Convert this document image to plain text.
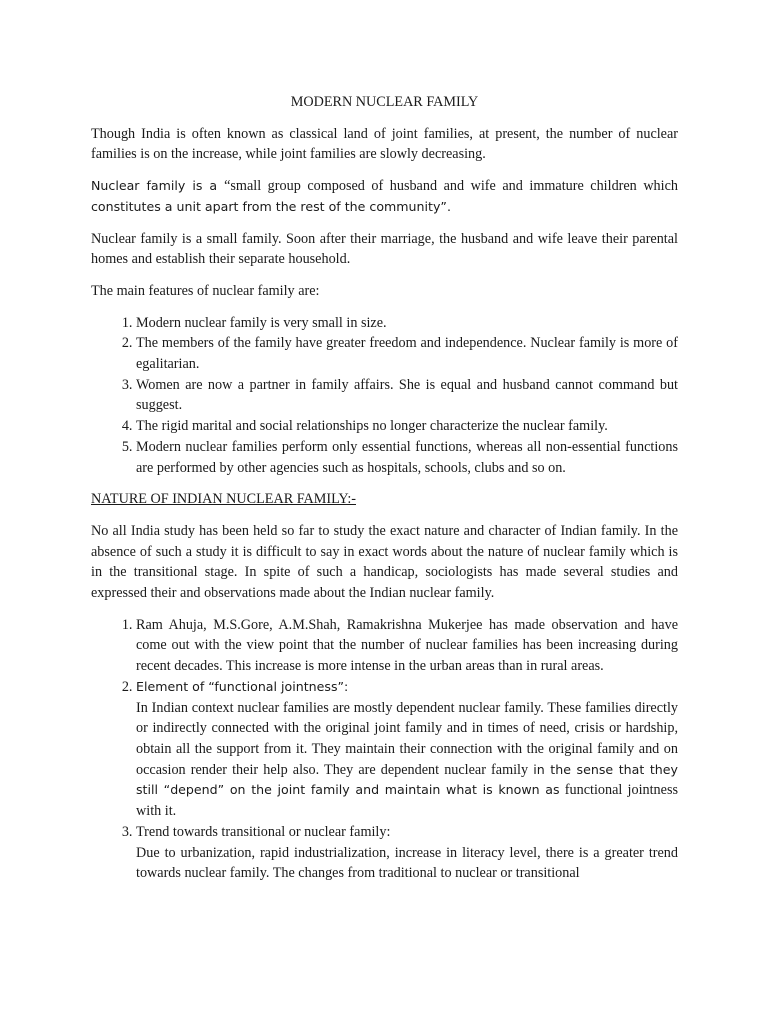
MODERN NUCLEAR FAMILY

Though India is often known as classical land of joint families, at present, the number of nuclear families is on the increase, while joint families are slowly decreasing.

Nuclear family is a “small group composed of husband and wife and immature children which constitutes a unit apart from the rest of the community”.

Nuclear family is a small family. Soon after their marriage, the husband and wife leave their parental homes and establish their separate household.

The main features of nuclear family are:

1. Modern nuclear family is very small in size.
2. The members of the family have greater freedom and independence. Nuclear family is more of egalitarian.
3. Women are now a partner in family affairs. She is equal and husband cannot command but suggest.
4. The rigid marital and social relationships no longer characterize the nuclear family.
5. Modern nuclear families perform only essential functions, whereas all non-essential functions are performed by other agencies such as hospitals, schools, clubs and so on.
NATURE OF INDIAN NUCLEAR FAMILY:-

No all India study has been held so far to study the exact nature and character of Indian family. In the absence of such a study it is difficult to say in exact words about the nature of nuclear family which is in the transitional stage. In spite of such a handicap, sociologists has made several studies and expressed their and observations made about the Indian nuclear family.

1. Ram Ahuja, M.S.Gore, A.M.Shah, Ramakrishna Mukerjee has made observation and have come out with the view point that the number of nuclear families has been increasing during recent decades. This increase is more intense in the urban areas than in rural areas.
2. Element of “functional jointness”:
In Indian context nuclear families are mostly dependent nuclear family. These families directly or indirectly connected with the original joint family and in times of need, crisis or hardship, obtain all the support from it. They maintain their connection with the original family and on occasion render their help also. They are dependent nuclear family in the sense that they still “depend” on the joint family and maintain what is known as functional jointness with it.
3. Trend towards transitional or nuclear family:
Due to urbanization, rapid industrialization, increase in literacy level, there is a greater trend towards nuclear family. The changes from traditional to nuclear or transitional
